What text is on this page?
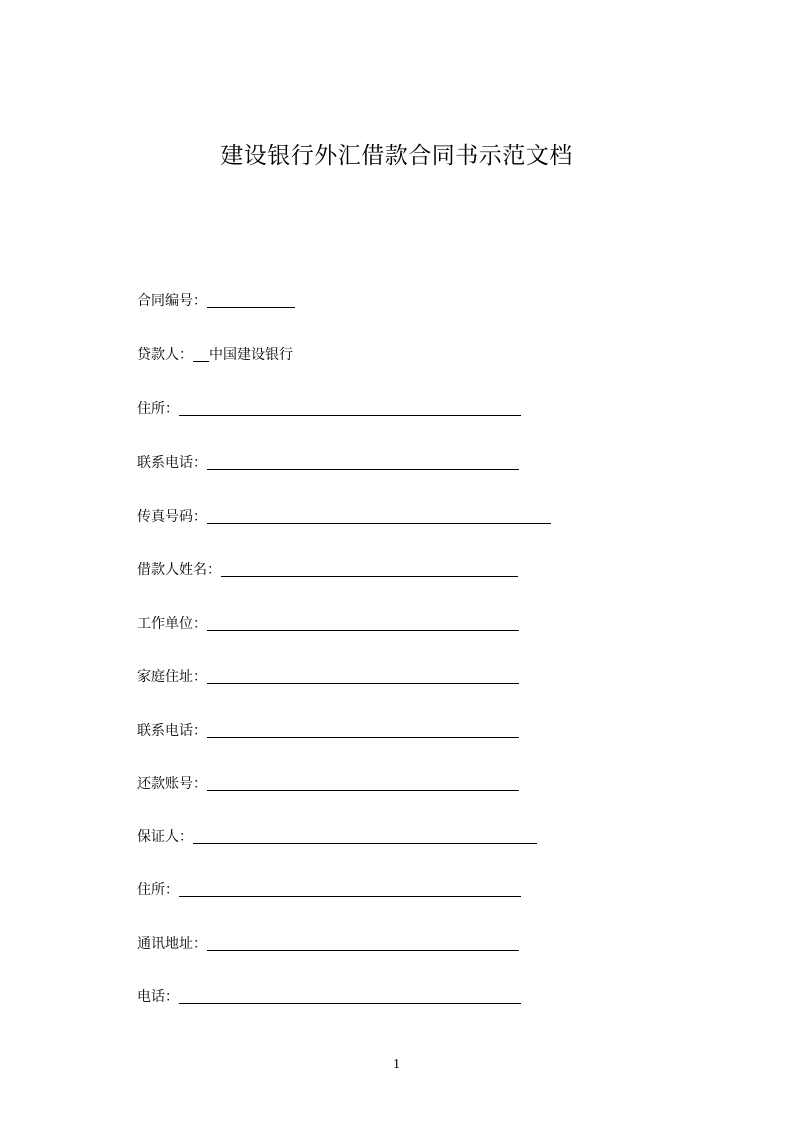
建设银行外汇借款合同书示范文档
合同编号：
贷款人： 中国建设银行
住所：
联系电话：
传真号码：
借款人姓名：
工作单位：
家庭住址：
联系电话：
还款账号：
保证人：
住所：
通讯地址：
电话：
1
